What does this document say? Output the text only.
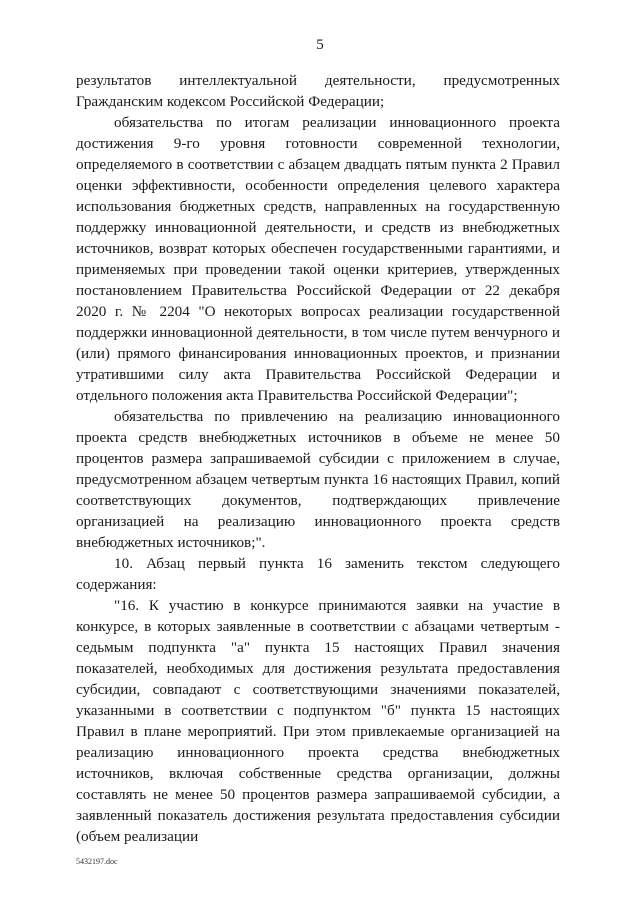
5

результатов интеллектуальной деятельности, предусмотренных Гражданским кодексом Российской Федерации;

обязательства по итогам реализации инновационного проекта достижения 9-го уровня готовности современной технологии, определяемого в соответствии с абзацем двадцать пятым пункта 2 Правил оценки эффективности, особенности определения целевого характера использования бюджетных средств, направленных на государственную поддержку инновационной деятельности, и средств из внебюджетных источников, возврат которых обеспечен государственными гарантиями, и применяемых при проведении такой оценки критериев, утвержденных постановлением Правительства Российской Федерации от 22 декабря 2020 г. № 2204 "О некоторых вопросах реализации государственной поддержки инновационной деятельности, в том числе путем венчурного и (или) прямого финансирования инновационных проектов, и признании утратившими силу акта Правительства Российской Федерации и отдельного положения акта Правительства Российской Федерации";

обязательства по привлечению на реализацию инновационного проекта средств внебюджетных источников в объеме не менее 50 процентов размера запрашиваемой субсидии с приложением в случае, предусмотренном абзацем четвертым пункта 16 настоящих Правил, копий соответствующих документов, подтверждающих привлечение организацией на реализацию инновационного проекта средств внебюджетных источников;".

10. Абзац первый пункта 16 заменить текстом следующего содержания:

"16. К участию в конкурсе принимаются заявки на участие в конкурсе, в которых заявленные в соответствии с абзацами четвертым - седьмым подпункта "а" пункта 15 настоящих Правил значения показателей, необходимых для достижения результата предоставления субсидии, совпадают с соответствующими значениями показателей, указанными в соответствии с подпунктом "б" пункта 15 настоящих Правил в плане мероприятий. При этом привлекаемые организацией на реализацию инновационного проекта средства внебюджетных источников, включая собственные средства организации, должны составлять не менее 50 процентов размера запрашиваемой субсидии, а заявленный показатель достижения результата предоставления субсидии (объем реализации

5432197.doc
